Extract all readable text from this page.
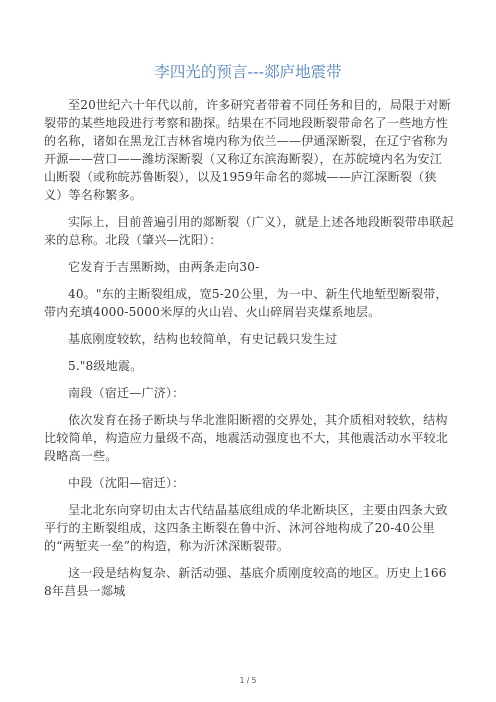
李四光的预言---郯庐地震带

至20世纪六十年代以前，许多研究者带着不同任务和目的，局限于对断裂带的某些地段进行考察和勘探。结果在不同地段断裂带命名了一些地方性的名称，诸如在黑龙江吉林省境内称为依兰——伊通深断裂，在辽宁省称为开源——营口——潍坊深断裂（又称辽东滨海断裂），在苏皖境内名为安江山断裂（或称皖苏鲁断裂），以及1959年命名的郯城——庐江深断裂（狭义）等名称繁多。

实际上，目前普遍引用的郯断裂（广义），就是上述各地段断裂带串联起来的总称。北段（肇兴—沈阳）：

它发育于吉黑断拗，由两条走向30-

40。"东的主断裂组成，宽5-20公里，为一中、新生代地堑型断裂带，带内充填4000-5000米厚的火山岩、火山碎屑岩夹煤系地层。

基底刚度较软，结构也较简单，有史记载只发生过

5."8级地震。

南段（宿迁—广济）：

依次发育在扬子断块与华北淮阳断褶的交界处，其介质相对较软，结构比较简单，构造应力量级不高，地震活动强度也不大，其他震活动水平较北段略高一些。

中段（沈阳—宿迁）：

呈北北东向穿切由太古代结晶基底组成的华北断块区，主要由四条大致平行的主断裂组成，这四条主断裂在鲁中沂、沐河谷地构成了20-40公里的“两堑夹一垒”的构造，称为沂沭深断裂带。

这一段是结构复杂、新活动强、基底介质刚度较高的地区。历史上1668年莒县一郯城

1 / 5
